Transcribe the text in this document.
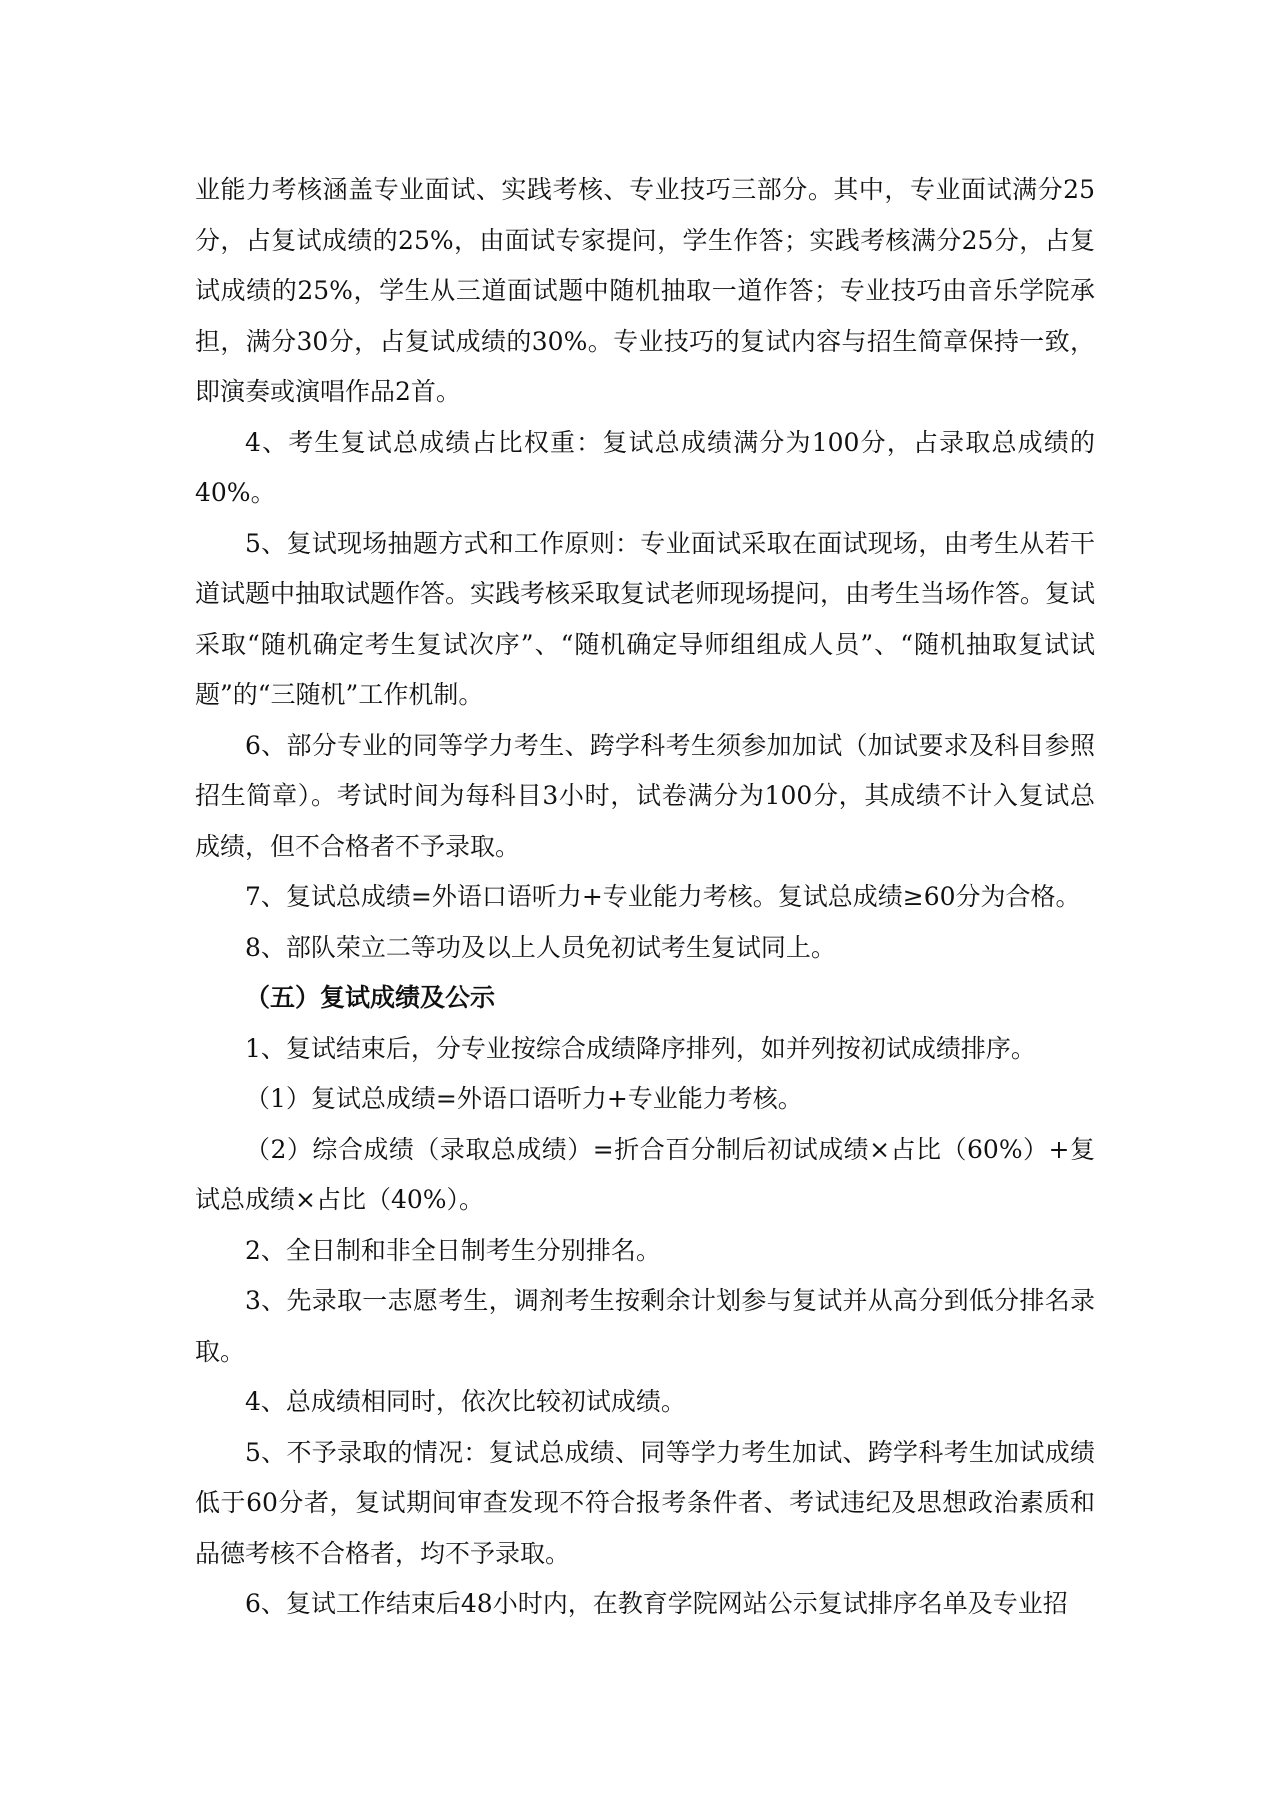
业能力考核涵盖专业面试、实践考核、专业技巧三部分。其中，专业面试满分25分，占复试成绩的25%，由面试专家提问，学生作答；实践考核满分25分，占复试成绩的25%，学生从三道面试题中随机抽取一道作答；专业技巧由音乐学院承担，满分30分，占复试成绩的30%。专业技巧的复试内容与招生简章保持一致，即演奏或演唱作品2首。

4、考生复试总成绩占比权重：复试总成绩满分为100分，占录取总成绩的40%。

5、复试现场抽题方式和工作原则：专业面试采取在面试现场，由考生从若干道试题中抽取试题作答。实践考核采取复试老师现场提问，由考生当场作答。复试采取“随机确定考生复试次序”、“随机确定导师组组成人员”、“随机抽取复试试题”的“三随机”工作机制。

6、部分专业的同等学力考生、跨学科考生须参加加试（加试要求及科目参照招生简章）。考试时间为每科目3小时，试卷满分为100分，其成绩不计入复试总成绩，但不合格者不予录取。

7、复试总成绩=外语口语听力+专业能力考核。复试总成绩≥60分为合格。

8、部队荣立二等功及以上人员免初试考生复试同上。

（五）复试成绩及公示

1、复试结束后，分专业按综合成绩降序排列，如并列按初试成绩排序。

（1）复试总成绩=外语口语听力+专业能力考核。

（2）综合成绩（录取总成绩）=折合百分制后初试成绩×占比（60%）+复试总成绩×占比（40%）。

2、全日制和非全日制考生分别排名。

3、先录取一志愿考生，调剂考生按剩余计划参与复试并从高分到低分排名录取。

4、总成绩相同时，依次比较初试成绩。

5、不予录取的情况：复试总成绩、同等学力考生加试、跨学科考生加试成绩低于60分者，复试期间审查发现不符合报考条件者、考试违纪及思想政治素质和品德考核不合格者，均不予录取。

6、复试工作结束后48小时内，在教育学院网站公示复试排序名单及专业招
